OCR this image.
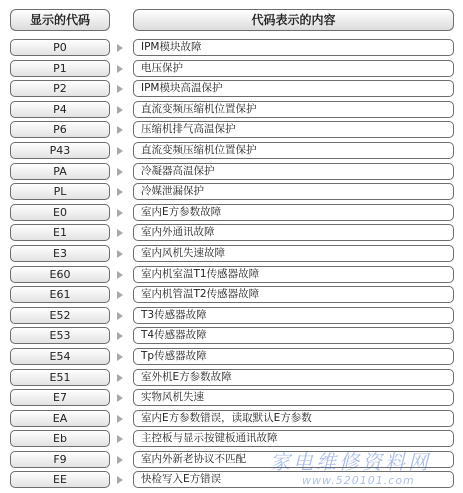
显示的代码	代码表示的内容
P0	IPM模块故障
P1	电压保护
P2	IPM模块高温保护
P4	直流变频压缩机位置保护
P6	压缩机排气高温保护
P43	直流变频压缩机位置保护
PA	冷凝器高温保护
PL	冷媒泄漏保护
E0	室内E方参数故障
E1	室内外通讯故障
E3	室内风机失速故障
E60	室内机室温T1传感器故障
E61	室内机管温T2传感器故障
E52	T3传感器故障
E53	T4传感器故障
E54	Tp传感器故障
E51	室外机E方参数故障
E7	实物风机失速
EA	室内E方参数错误，读取默认E方参数
Eb	主控板与显示按键板通讯故障
F9	室内外新老协议不匹配
EE	快检写入E方错误
家电维修资料网
www.520101.com
